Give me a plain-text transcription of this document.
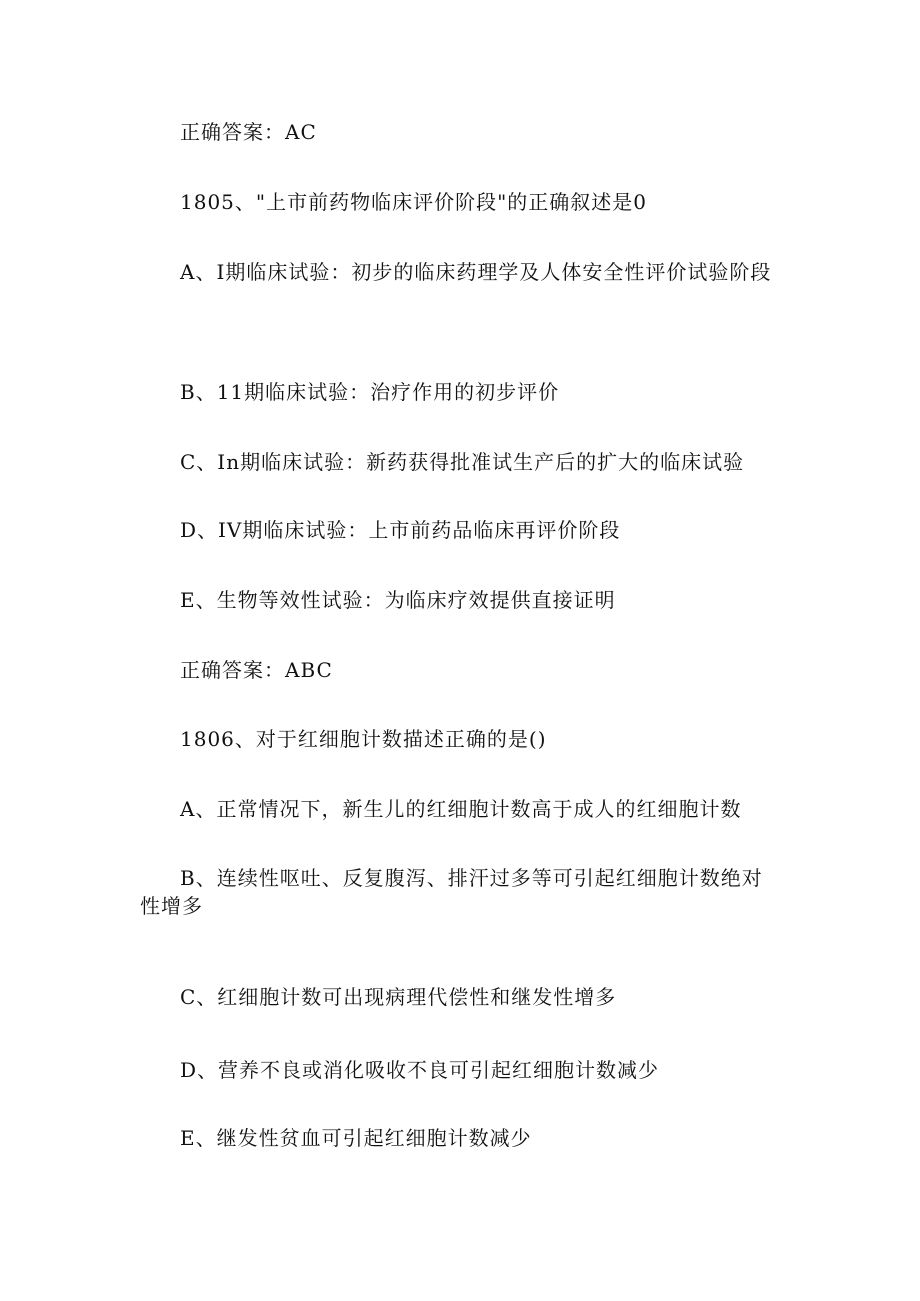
正确答案：AC
1805、"上市前药物临床评价阶段"的正确叙述是0
A、I期临床试验：初步的临床药理学及人体安全性评价试验阶段
B、11期临床试验：治疗作用的初步评价
C、In期临床试验：新药获得批准试生产后的扩大的临床试验
D、IV期临床试验：上市前药品临床再评价阶段
E、生物等效性试验：为临床疗效提供直接证明
正确答案：ABC
1806、对于红细胞计数描述正确的是()
A、正常情况下，新生儿的红细胞计数高于成人的红细胞计数
B、连续性呕吐、反复腹泻、排汗过多等可引起红细胞计数绝对性增多
C、红细胞计数可出现病理代偿性和继发性增多
D、营养不良或消化吸收不良可引起红细胞计数减少
E、继发性贫血可引起红细胞计数减少
